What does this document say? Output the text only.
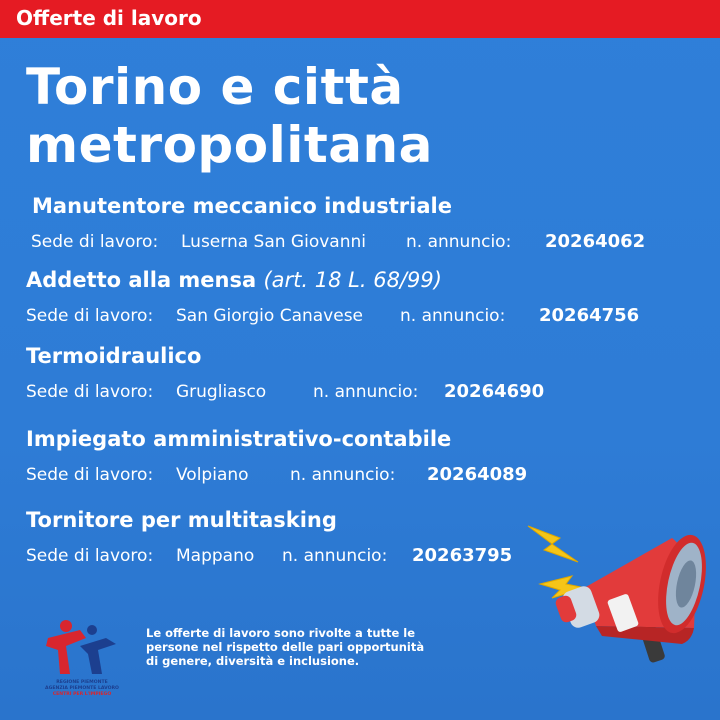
Offerte di lavoro
Torino e città
metropolitana
Manutentore meccanico industriale
Sede di lavoro: Luserna San Giovanni n. annuncio: 20264062
Addetto alla mensa (art. 18 L. 68/99)
Sede di lavoro: San Giorgio Canavese n. annuncio: 20264756
Termoidraulico
Sede di lavoro: Grugliasco	n. annuncio: 20264690
Impiegato amministrativo-contabile
Sede di lavoro: Volpiano n. annuncio: 20264089
Tornitore per multitasking
Sede di lavoro: Mappano n. annuncio: 20263795
REGIONE PIEMONTE
AGENZIA PIEMONTE LAVORO
CENTRI PER L'IMPIEGO
Le offerte di lavoro sono rivolte a tutte le
persone nel rispetto delle pari opportunità
di genere, diversità e inclusione.
